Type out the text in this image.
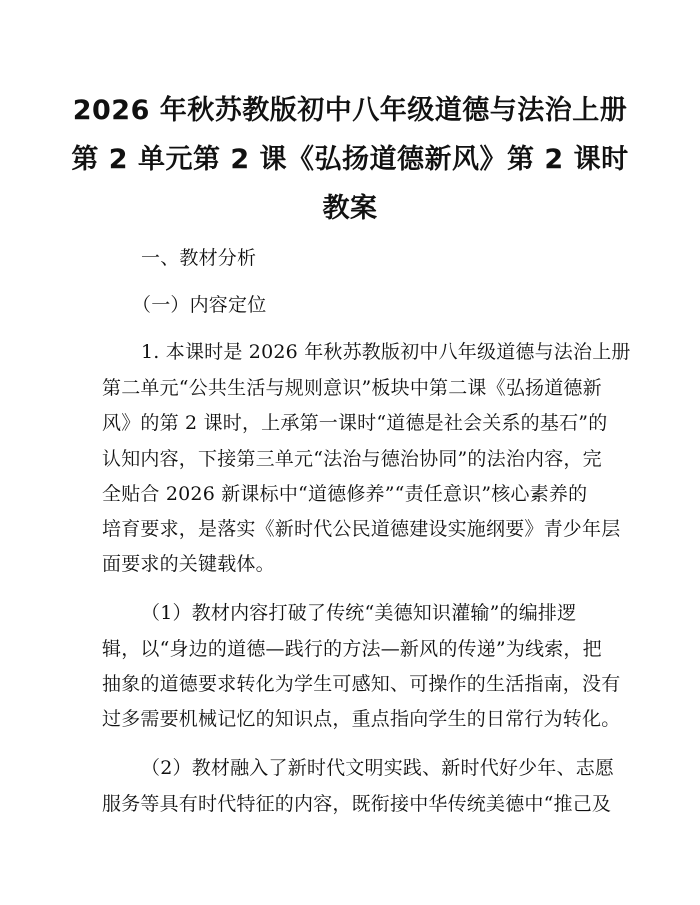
2026 年秋苏教版初中八年级道德与法治上册
第 2 单元第 2 课《弘扬道德新风》第 2 课时
教案
一、教材分析
（一）内容定位
1. 本课时是 2026 年秋苏教版初中八年级道德与法治上册
第二单元“公共生活与规则意识”板块中第二课《弘扬道德新
风》的第 2 课时，上承第一课时“道德是社会关系的基石”的
认知内容，下接第三单元“法治与德治协同”的法治内容，完
全贴合 2026 新课标中“道德修养”“责任意识”核心素养的
培育要求，是落实《新时代公民道德建设实施纲要》青少年层
面要求的关键载体。
（1）教材内容打破了传统“美德知识灌输”的编排逻
辑，以“身边的道德—践行的方法—新风的传递”为线索，把
抽象的道德要求转化为学生可感知、可操作的生活指南，没有
过多需要机械记忆的知识点，重点指向学生的日常行为转化。
（2）教材融入了新时代文明实践、新时代好少年、志愿
服务等具有时代特征的内容，既衔接中华传统美德中“推己及
